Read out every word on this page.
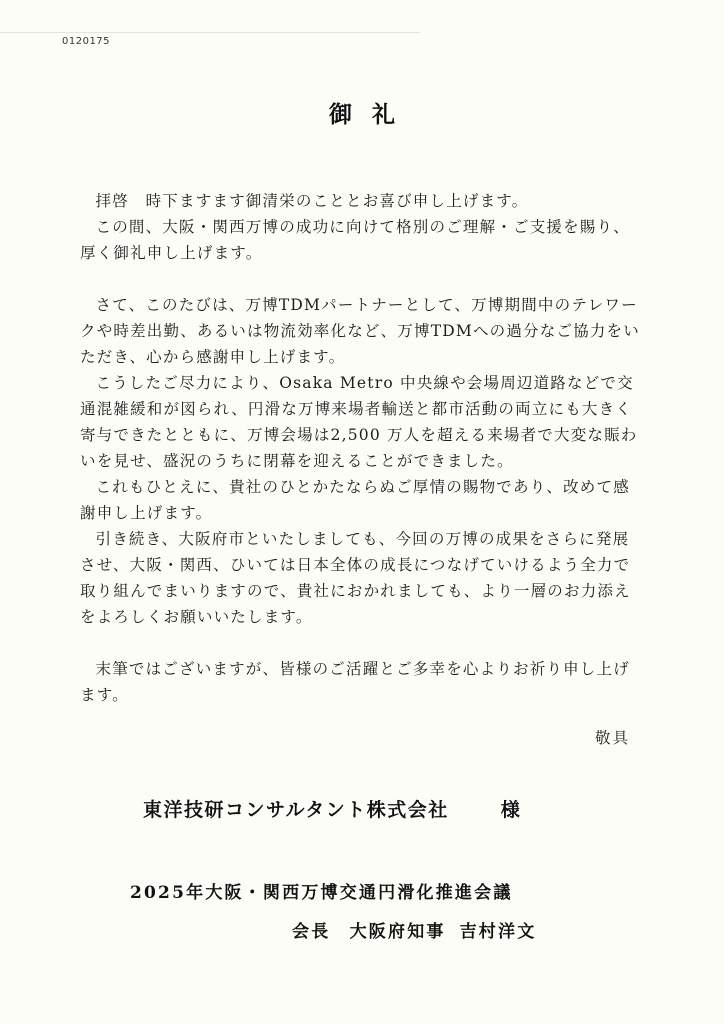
0120175
御礼

拝啓　時下ますます御清栄のこととお喜び申し上げます。

この間、大阪・関西万博の成功に向けて格別のご理解・ご支援を賜り、厚く御礼申し上げます。

さて、このたびは、万博TDMパートナーとして、万博期間中のテレワークや時差出勤、あるいは物流効率化など、万博TDMへの過分なご協力をいただき、心から感謝申し上げます。

こうしたご尽力により、Osaka Metro 中央線や会場周辺道路などで交通混雑緩和が図られ、円滑な万博来場者輸送と都市活動の両立にも大きく寄与できたとともに、万博会場は2,500 万人を超える来場者で大変な賑わいを見せ、盛況のうちに閉幕を迎えることができました。

これもひとえに、貴社のひとかたならぬご厚情の賜物であり、改めて感謝申し上げます。

引き続き、大阪府市といたしましても、今回の万博の成果をさらに発展させ、大阪・関西、ひいては日本全体の成長につなげていけるよう全力で取り組んでまいりますので、貴社におかれましても、より一層のお力添えをよろしくお願いいたします。

末筆ではございますが、皆様のご活躍とご多幸を心よりお祈り申し上げます。

敬具
東洋技研コンサルタント株式会社	様
2025年大阪・関西万博交通円滑化推進会議
会長　大阪府知事 吉村洋文
